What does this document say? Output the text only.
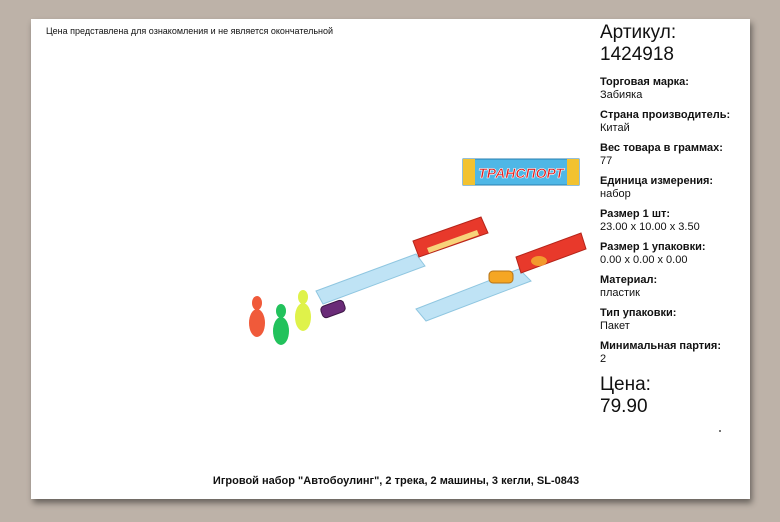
Цена представлена для ознакомления и не является окончательной
ТРАНСПОРТ
Артикул:
1424918
Торговая марка:
Забияка
Страна производитель:
Китай
Вес товара в граммах:
77
Единица измерения:
набор
Размер 1 шт:
23.00 x 10.00 x 3.50
Размер 1 упаковки:
0.00 x 0.00 x 0.00
Материал:
пластик
Тип упаковки:
Пакет
Минимальная партия:
2
Цена:
79.90
Игровой набор "Автобоулинг", 2 трека, 2 машины, 3 кегли, SL-0843
